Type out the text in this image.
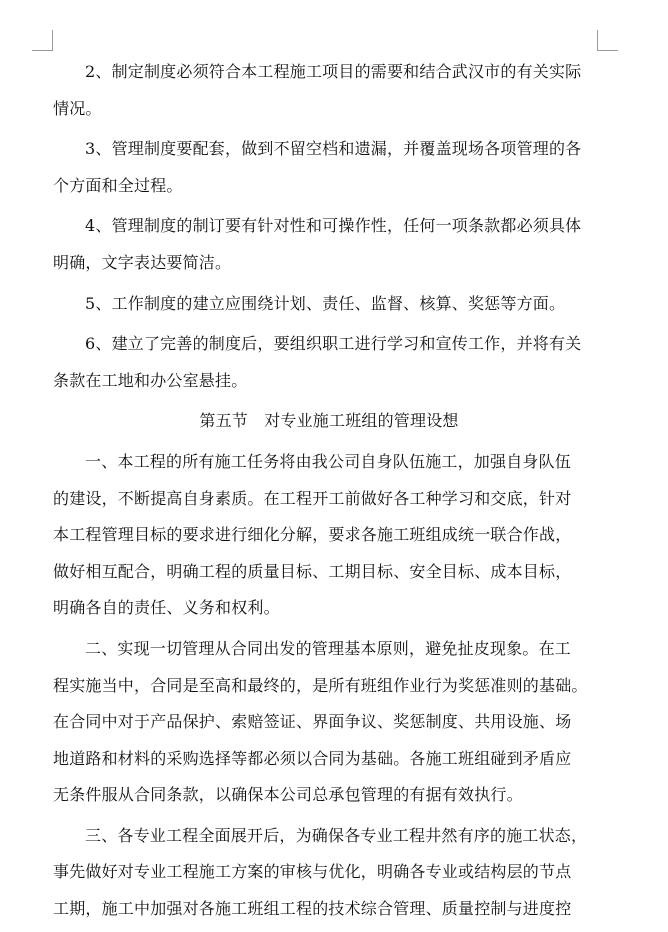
2、制定制度必须符合本工程施工项目的需要和结合武汉市的有关实际
情况。

3、管理制度要配套，做到不留空档和遗漏，并覆盖现场各项管理的各
个方面和全过程。

4、管理制度的制订要有针对性和可操作性，任何一项条款都必须具体
明确，文字表达要简洁。

5、工作制度的建立应围绕计划、责任、监督、核算、奖惩等方面。

6、建立了完善的制度后，要组织职工进行学习和宣传工作，并将有关
条款在工地和办公室悬挂。

第五节　对专业施工班组的管理设想

一、本工程的所有施工任务将由我公司自身队伍施工，加强自身队伍
的建设，不断提高自身素质。在工程开工前做好各工种学习和交底，针对
本工程管理目标的要求进行细化分解，要求各施工班组成统一联合作战，
做好相互配合，明确工程的质量目标、工期目标、安全目标、成本目标，
明确各自的责任、义务和权利。

二、实现一切管理从合同出发的管理基本原则，避免扯皮现象。在工
程实施当中，合同是至高和最终的，是所有班组作业行为奖惩准则的基础。
在合同中对于产品保护、索赔签证、界面争议、奖惩制度、共用设施、场
地道路和材料的采购选择等都必须以合同为基础。各施工班组碰到矛盾应
无条件服从合同条款，以确保本公司总承包管理的有据有效执行。

三、各专业工程全面展开后，为确保各专业工程井然有序的施工状态，
事先做好对专业工程施工方案的审核与优化，明确各专业或结构层的节点
工期，施工中加强对各施工班组工程的技术综合管理、质量控制与进度控
